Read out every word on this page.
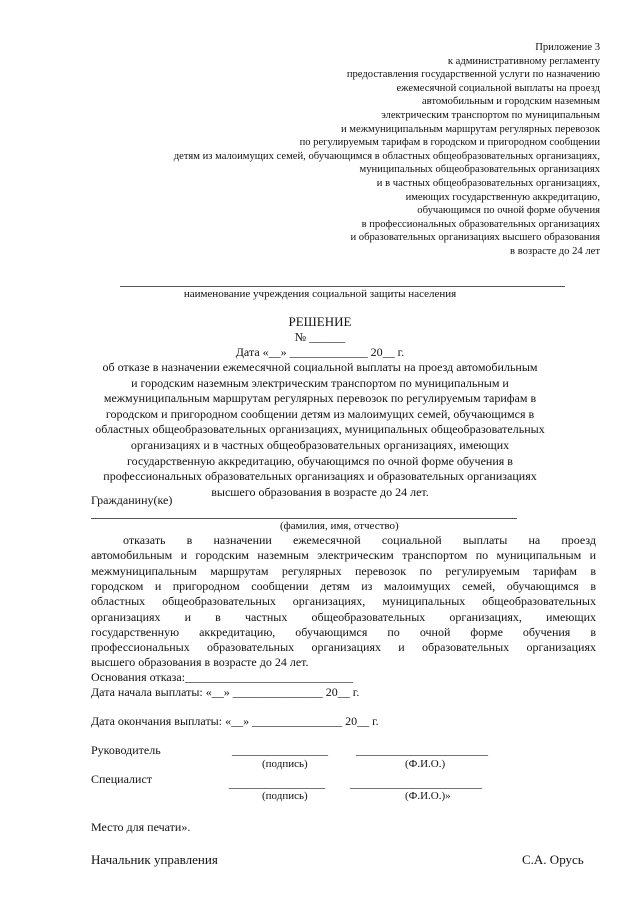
Приложение 3
к административному регламенту
предоставления государственной услуги по назначению
ежемесячной социальной выплаты на проезд
автомобильным и городским наземным
электрическим транспортом по муниципальным
и межмуниципальным маршрутам регулярных перевозок
по регулируемым тарифам в городском и пригородном сообщении
детям из малоимущих семей, обучающимся в областных общеобразовательных организациях,
муниципальных общеобразовательных организациях
и в частных общеобразовательных организациях,
имеющих государственную аккредитацию,
обучающимся по очной форме обучения
в профессиональных образовательных организациях
и образовательных организациях высшего образования
в возрасте до 24 лет
наименование учреждения социальной защиты населения
РЕШЕНИЕ
№ ______
Дата «__» _____________ 20__ г.
об отказе в назначении ежемесячной социальной выплаты на проезд автомобильным
и городским наземным электрическим транспортом по муниципальным и
межмуниципальным маршрутам регулярных перевозок по регулируемым тарифам в
городском и пригородном сообщении детям из малоимущих семей, обучающимся в
областных общеобразовательных организациях, муниципальных общеобразовательных
организациях и в частных общеобразовательных организациях, имеющих
государственную аккредитацию, обучающимся по очной форме обучения в
профессиональных образовательных организациях и образовательных организациях
высшего образования в возрасте до 24 лет.
Гражданину(ке)
(фамилия, имя, отчество)
отказать в назначении ежемесячной социальной выплаты на проезд
автомобильным и городским наземным электрическим транспортом по муниципальным и
межмуниципальным маршрутам регулярных перевозок по регулируемым тарифам в
городском и пригородном сообщении детям из малоимущих семей, обучающимся в
областных общеобразовательных организациях, муниципальных общеобразовательных
организациях и в частных общеобразовательных организациях, имеющих
государственную аккредитацию, обучающимся по очной форме обучения в
профессиональных образовательных организациях и образовательных организациях
высшего образования в возрасте до 24 лет.
Основания отказа:____________________________
Дата начала выплаты: «__» _______________ 20__ г.
Дата окончания выплаты: «__» _______________ 20__ г.
Руководитель	________________ ______________________
(подпись)	(Ф.И.О.)
Специалист	________________ ______________________
(подпись)	(Ф.И.О.)»
Место для печати».
Начальник управления	С.А. Орусь
